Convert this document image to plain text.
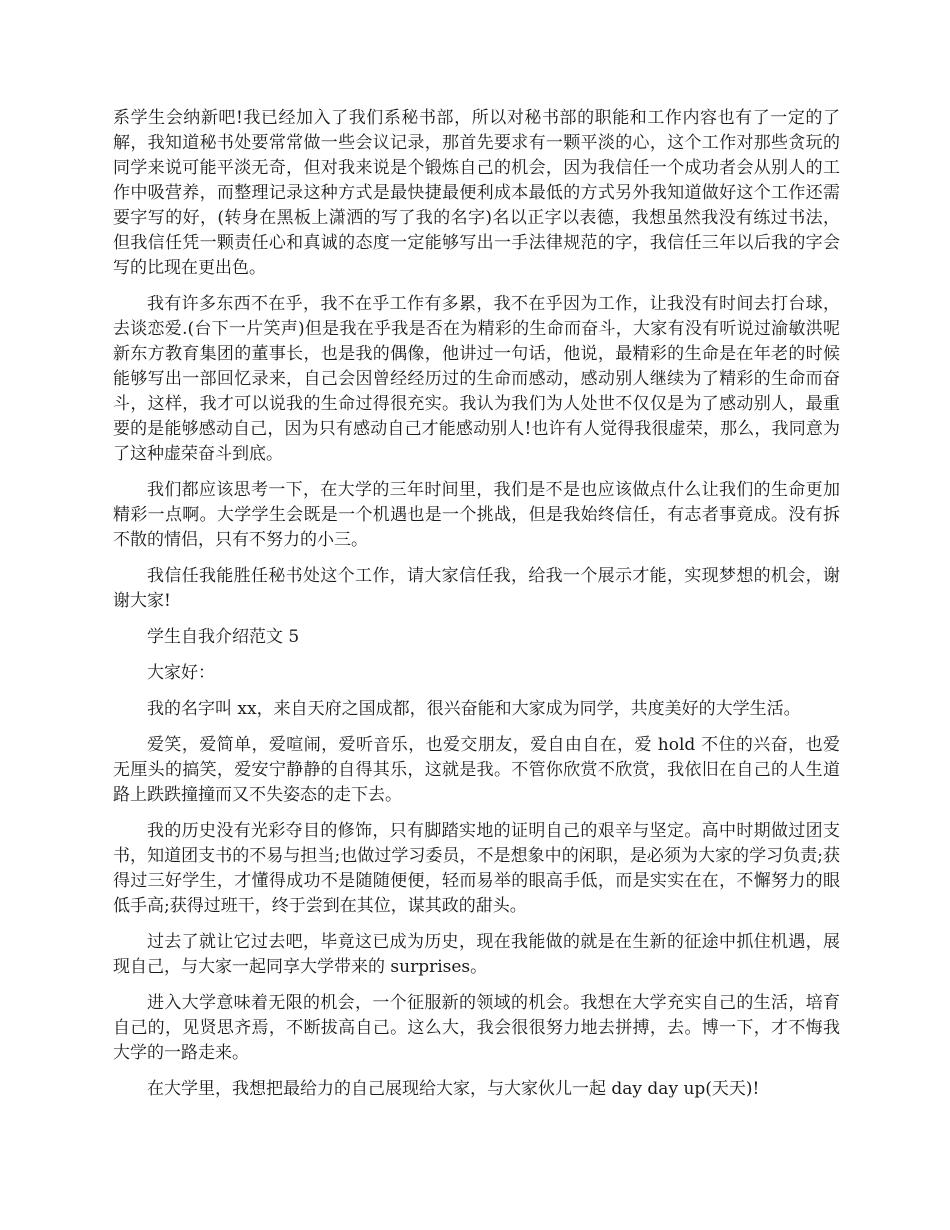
系学生会纳新吧!我已经加入了我们系秘书部，所以对秘书部的职能和工作内容也有了一定的了解，我知道秘书处要常常做一些会议记录，那首先要求有一颗平淡的心，这个工作对那些贪玩的同学来说可能平淡无奇，但对我来说是个锻炼自己的机会，因为我信任一个成功者会从别人的工作中吸营养，而整理记录这种方式是最快捷最便利成本最低的方式另外我知道做好这个工作还需要字写的好，(转身在黑板上潇洒的写了我的名字)名以正字以表德，我想虽然我没有练过书法，但我信任凭一颗责任心和真诚的态度一定能够写出一手法律规范的字，我信任三年以后我的字会写的比现在更出色。

我有许多东西不在乎，我不在乎工作有多累，我不在乎因为工作，让我没有时间去打台球，去谈恋爱.(台下一片笑声)但是我在乎我是否在为精彩的生命而奋斗，大家有没有听说过渝敏洪呢新东方教育集团的董事长，也是我的偶像，他讲过一句话，他说，最精彩的生命是在年老的时候能够写出一部回忆录来，自己会因曾经经历过的生命而感动，感动别人继续为了精彩的生命而奋斗，这样，我才可以说我的生命过得很充实。我认为我们为人处世不仅仅是为了感动别人，最重要的是能够感动自己，因为只有感动自己才能感动别人!也许有人觉得我很虚荣，那么，我同意为了这种虚荣奋斗到底。

我们都应该思考一下，在大学的三年时间里，我们是不是也应该做点什么让我们的生命更加精彩一点啊。大学学生会既是一个机遇也是一个挑战，但是我始终信任，有志者事竟成。没有拆不散的情侣，只有不努力的小三。

我信任我能胜任秘书处这个工作，请大家信任我，给我一个展示才能，实现梦想的机会，谢谢大家!

学生自我介绍范文 5

大家好：

我的名字叫 xx，来自天府之国成都，很兴奋能和大家成为同学，共度美好的大学生活。

爱笑，爱简单，爱喧闹，爱听音乐，也爱交朋友，爱自由自在，爱 hold 不住的兴奋，也爱无厘头的搞笑，爱安宁静静的自得其乐，这就是我。不管你欣赏不欣赏，我依旧在自己的人生道路上跌跌撞撞而又不失姿态的走下去。

我的历史没有光彩夺目的修饰，只有脚踏实地的证明自己的艰辛与坚定。高中时期做过团支书，知道团支书的不易与担当;也做过学习委员，不是想象中的闲职，是必须为大家的学习负责;获得过三好学生，才懂得成功不是随随便便，轻而易举的眼高手低，而是实实在在，不懈努力的眼低手高;获得过班干，终于尝到在其位，谋其政的甜头。

过去了就让它过去吧，毕竟这已成为历史，现在我能做的就是在生新的征途中抓住机遇，展现自己，与大家一起同享大学带来的 surprises。

进入大学意味着无限的机会，一个征服新的领域的机会。我想在大学充实自己的生活，培育自己的，见贤思齐焉，不断拔高自己。这么大，我会很很努力地去拼搏，去。博一下，才不悔我大学的一路走来。

在大学里，我想把最给力的自己展现给大家，与大家伙儿一起 day day up(天天)!
